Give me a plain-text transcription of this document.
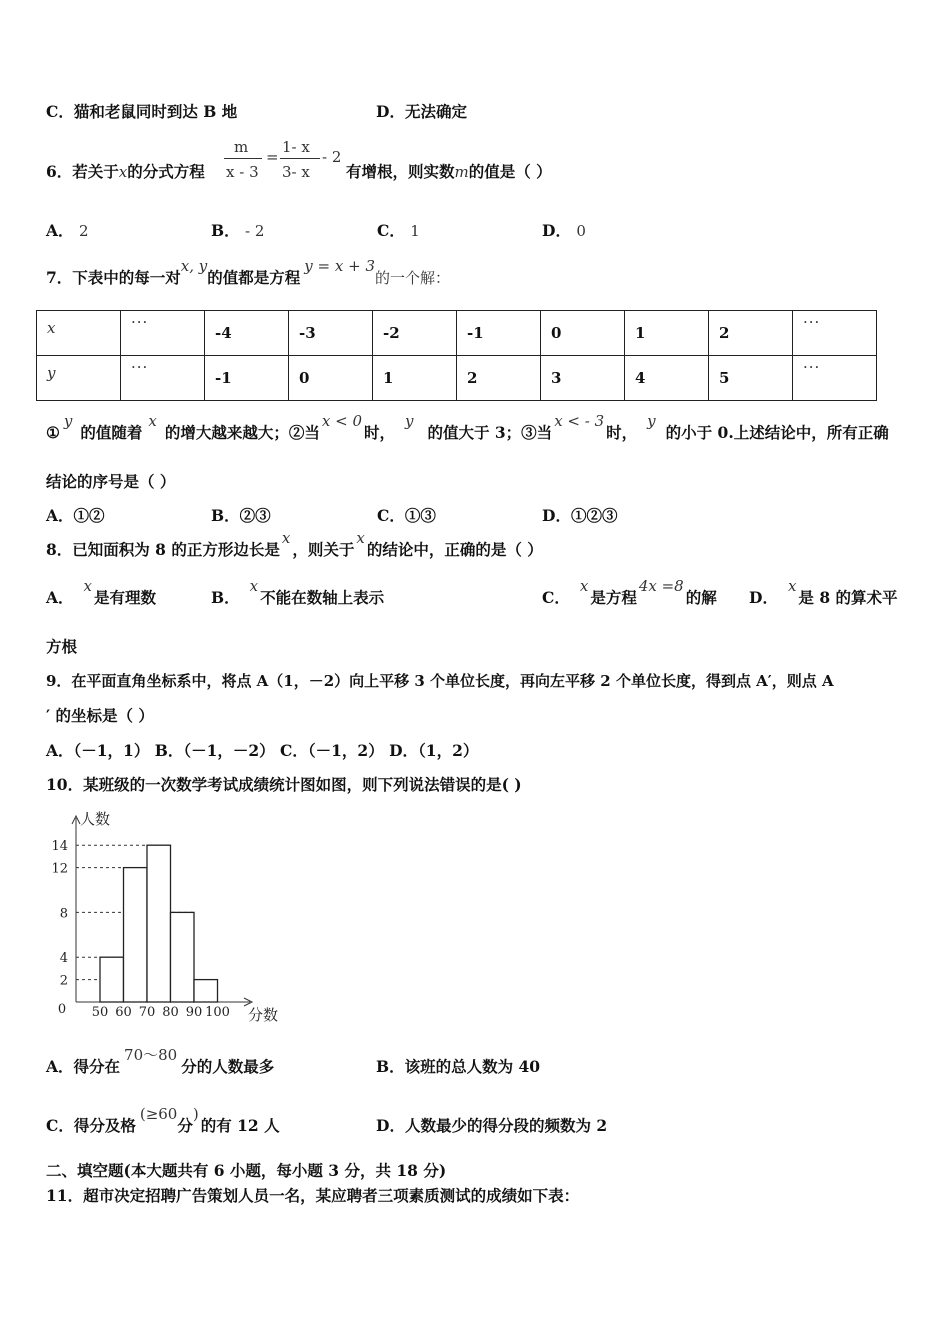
C．猫和老鼠同时到达 B 地	D．无法确定
6．若关于x的分式方程
m
x - 3
=
1- x
3- x
- 2
有增根，则实数m的值是（ ）
A． 2	B． - 2	C． 1	D． 0
7．下表中的每一对x, y的值都是方程y = x + 3的一个解：
x	···	-4	-3	-2	-1	0	1	2	···
y	···	-1	0	1	2	3	4	5	···
①y的值随着x的增大越来越大；②当x < 0时，y的值大于 3；③当x < - 3时，y的小于 0.上述结论中，所有正确
结论的序号是（ ）
A．①②	B．②③	C．①③	D．①②③
8．已知面积为 8 的正方形边长是x，则关于x的结论中，正确的是（ ）
A．x是有理数	B．x不能在数轴上表示	C．x是方程4x =8的解 D．x是 8 的算术平
方根
9．在平面直角坐标系中，将点 A（1，－2）向上平移 3 个单位长度，再向左平移 2 个单位长度，得到点 A′，则点 A
′ 的坐标是（ ）
A．（－1，1） B．（－1，－2） C．（－1，2） D．（1，2）
10．某班级的一次数学考试成绩统计图如图，则下列说法错误的是( )
人数
分数
0
2
4
8
12
14
50 60 70 80 90 100
A．得分在70～80分的人数最多	B．该班的总人数为 40
C．得分及格(≥60分)的有 12 人	D．人数最少的得分段的频数为 2
二、填空题(本大题共有 6 小题，每小题 3 分，共 18 分)
11．超市决定招聘广告策划人员一名，某应聘者三项素质测试的成绩如下表：
